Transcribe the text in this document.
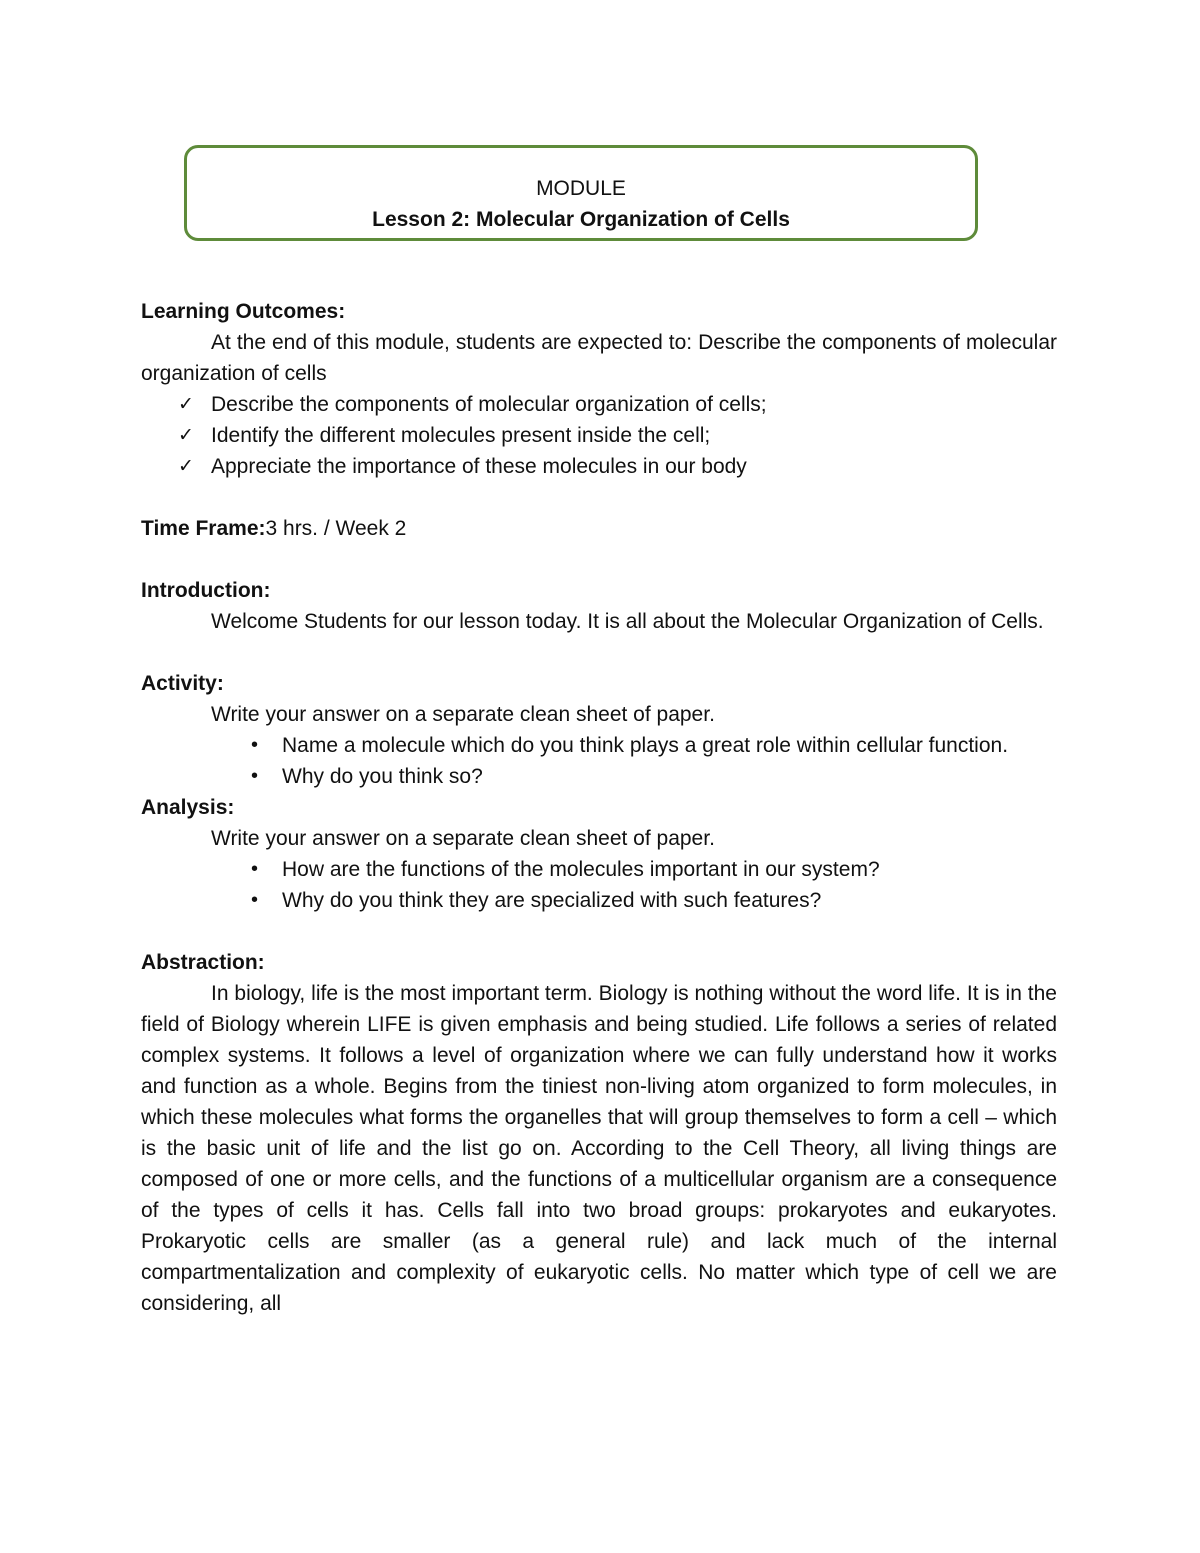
MODULE
Lesson 2: Molecular Organization of Cells
Learning Outcomes:

At the end of this module, students are expected to: Describe the components of molecular organization of cells

✓ Describe the components of molecular organization of cells;
✓ Identify the different molecules present inside the cell;
✓ Appreciate the importance of these molecules in our body
Time Frame:3 hrs. / Week 2
Introduction:

Welcome Students for our lesson today. It is all about the Molecular Organization of Cells.

Activity:

Write your answer on a separate clean sheet of paper.

• Name a molecule which do you think plays a great role within cellular function.
• Why do you think so?
Analysis:

Write your answer on a separate clean sheet of paper.

• How are the functions of the molecules important in our system?
• Why do you think they are specialized with such features?
Abstraction:

In biology, life is the most important term. Biology is nothing without the word life. It is in the field of Biology wherein LIFE is given emphasis and being studied. Life follows a series of related complex systems. It follows a level of organization where we can fully understand how it works and function as a whole. Begins from the tiniest non-living atom organized to form molecules, in which these molecules what forms the organelles that will group themselves to form a cell – which is the basic unit of life and the list go on. According to the Cell Theory, all living things are composed of one or more cells, and the functions of a multicellular organism are a consequence of the types of cells it has. Cells fall into two broad groups: prokaryotes and eukaryotes. Prokaryotic cells are smaller (as a general rule) and lack much of the internal compartmentalization and complexity of eukaryotic cells. No matter which type of cell we are considering, all
